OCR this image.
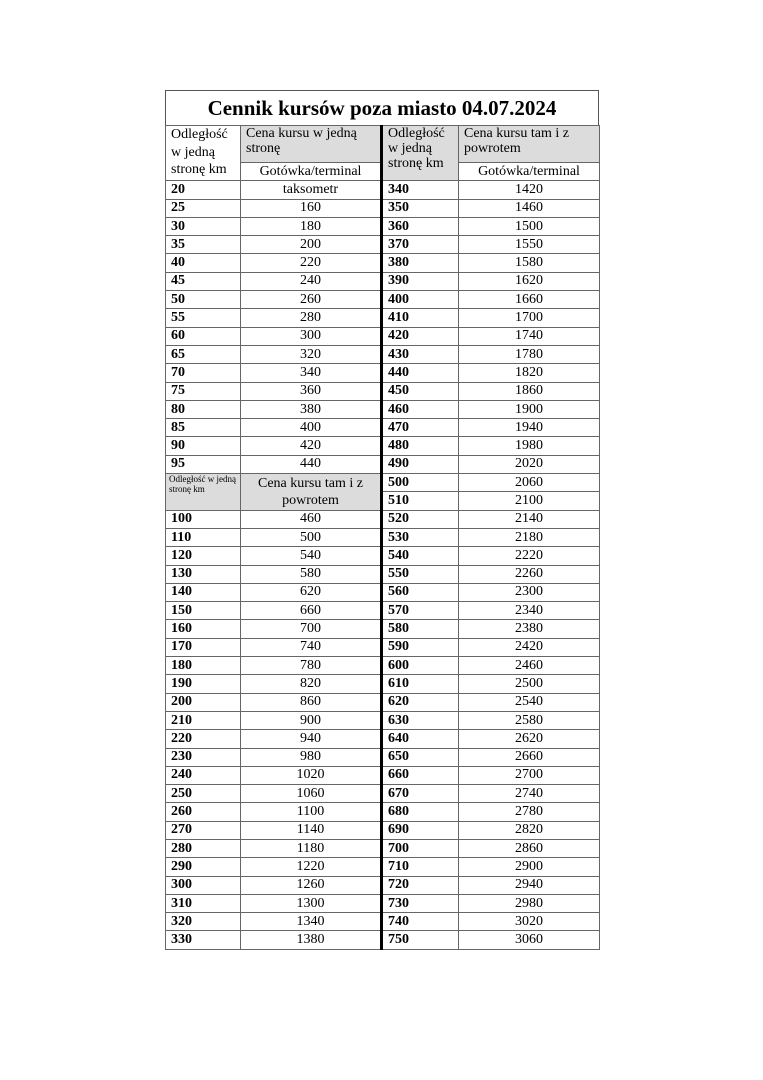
Cennik kursów poza miasto 04.07.2024
Odległość w jedną stronę km	Cena kursu w jedną stronę	Odległość w jedną stronę km	Cena kursu tam i z powrotem

	Gotówka/terminal		Gotówka/terminal
20	taksometr	340	1420
25	160	350	1460
30	180	360	1500
35	200	370	1550
40	220	380	1580
45	240	390	1620
50	260	400	1660
55	280	410	1700
60	300	420	1740
65	320	430	1780
70	340	440	1820
75	360	450	1860
80	380	460	1900
85	400	470	1940
90	420	480	1980
95	440	490	2020
Odległość w jedną stronę km	Cena kursu tam i z powrotem	500	2060
		510	2100
100	460	520	2140
110	500	530	2180
120	540	540	2220
130	580	550	2260
140	620	560	2300
150	660	570	2340
160	700	580	2380
170	740	590	2420
180	780	600	2460
190	820	610	2500
200	860	620	2540
210	900	630	2580
220	940	640	2620
230	980	650	2660
240	1020	660	2700
250	1060	670	2740
260	1100	680	2780
270	1140	690	2820
280	1180	700	2860
290	1220	710	2900
300	1260	720	2940
310	1300	730	2980
320	1340	740	3020
330	1380	750	3060
